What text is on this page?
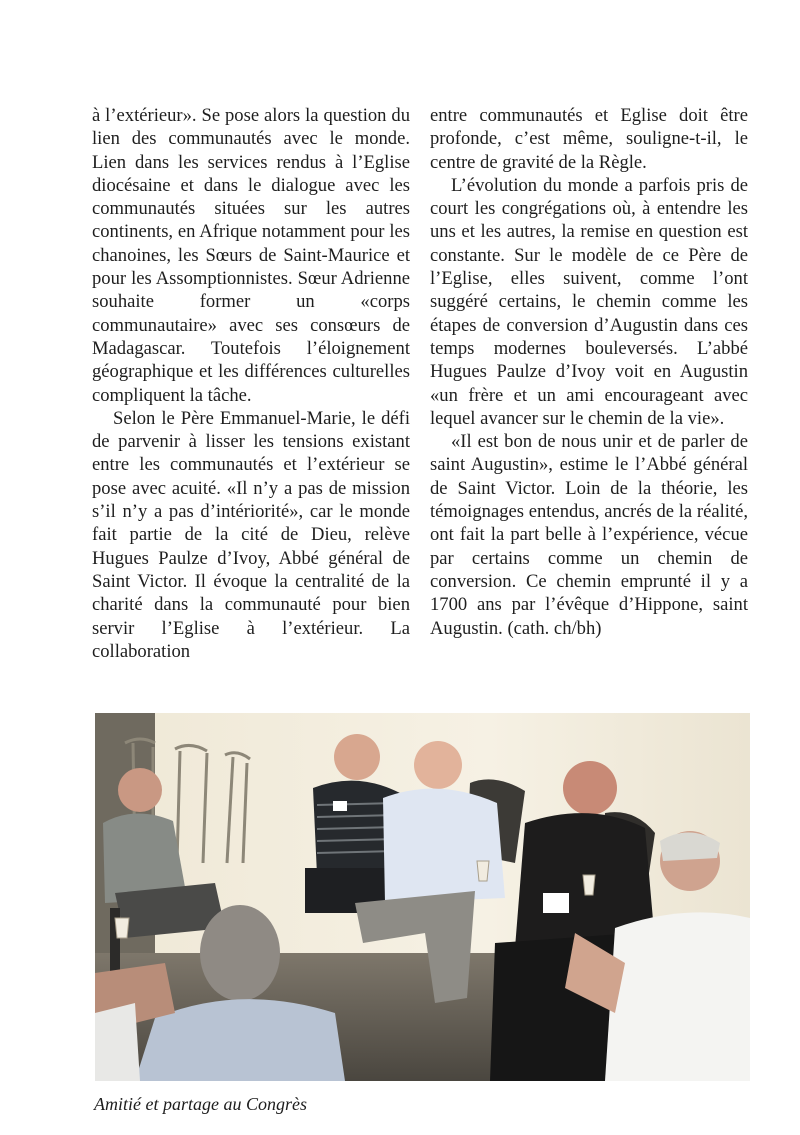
à l’extérieur». Se pose alors la question du lien des communautés avec le monde. Lien dans les services rendus à l’Eglise diocésaine et dans le dialogue avec les communautés situées sur les autres continents, en Afrique notamment pour les chanoines, les Sœurs de Saint-Maurice et pour les Assomptionnistes. Sœur Adrienne souhaite former un «corps communautaire» avec ses consœurs de Madagascar. Toutefois l’éloignement géographique et les différences culturelles compliquent la tâche.

Selon le Père Emmanuel-Marie, le défi de parvenir à lisser les tensions existant entre les communautés et l’extérieur se pose avec acuité. «Il n’y a pas de mission s’il n’y a pas d’intériorité», car le monde fait partie de la cité de Dieu, relève Hugues Paulze d’Ivoy, Abbé général de Saint Victor. Il évoque la centralité de la charité dans la communauté pour bien servir l’Eglise à l’extérieur. La collaboration

entre communautés et Eglise doit être profonde, c’est même, souligne-t-il, le centre de gravité de la Règle.

L’évolution du monde a parfois pris de court les congrégations où, à entendre les uns et les autres, la remise en question est constante. Sur le modèle de ce Père de l’Eglise, elles suivent, comme l’ont suggéré certains, le chemin comme les étapes de conversion d’Augustin dans ces temps modernes bouleversés. L’abbé Hugues Paulze d’Ivoy voit en Augustin «un frère et un ami encourageant avec lequel avancer sur le chemin de la vie».

«Il est bon de nous unir et de parler de saint Augustin», estime le l’Abbé général de Saint Victor. Loin de la théorie, les témoignages entendus, ancrés de la réalité, ont fait la part belle à l’expérience, vécue par certains comme un chemin de conversion. Ce chemin emprunté il y a 1700 ans par l’évêque d’Hippone, saint Augustin. (cath. ch/bh)

Amitié et partage au Congrès
